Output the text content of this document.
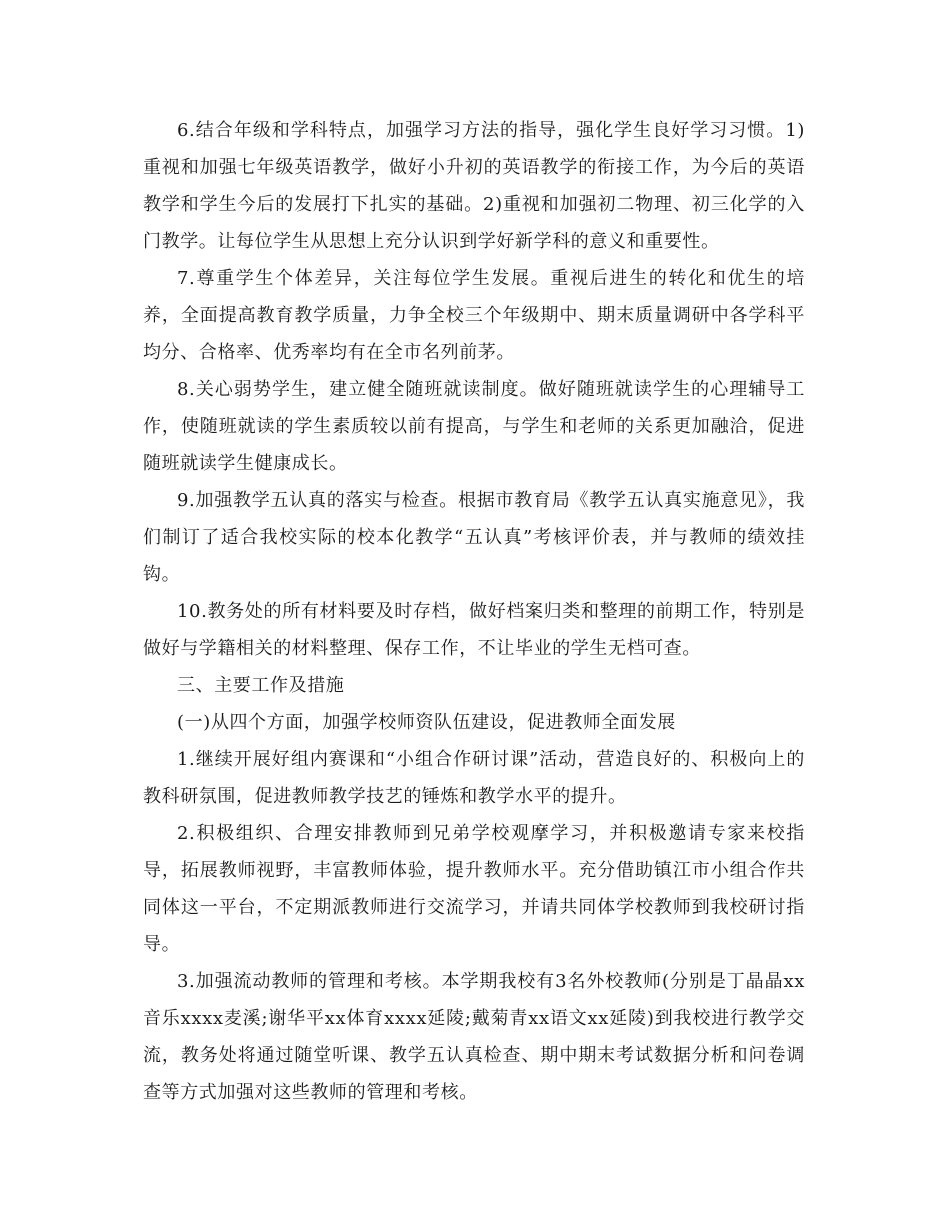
6.结合年级和学科特点，加强学习方法的指导，强化学生良好学习习惯。1)重视和加强七年级英语教学，做好小升初的英语教学的衔接工作，为今后的英语教学和学生今后的发展打下扎实的基础。2)重视和加强初二物理、初三化学的入门教学。让每位学生从思想上充分认识到学好新学科的意义和重要性。

7.尊重学生个体差异，关注每位学生发展。重视后进生的转化和优生的培养，全面提高教育教学质量，力争全校三个年级期中、期末质量调研中各学科平均分、合格率、优秀率均有在全市名列前茅。

8.关心弱势学生，建立健全随班就读制度。做好随班就读学生的心理辅导工作，使随班就读的学生素质较以前有提高，与学生和老师的关系更加融洽，促进随班就读学生健康成长。

9.加强教学五认真的落实与检查。根据市教育局《教学五认真实施意见》，我们制订了适合我校实际的校本化教学“五认真”考核评价表，并与教师的绩效挂钩。

10.教务处的所有材料要及时存档，做好档案归类和整理的前期工作，特别是做好与学籍相关的材料整理、保存工作，不让毕业的学生无档可查。

三、主要工作及措施

(一)从四个方面，加强学校师资队伍建设，促进教师全面发展

1.继续开展好组内赛课和“小组合作研讨课”活动，营造良好的、积极向上的教科研氛围，促进教师教学技艺的锤炼和教学水平的提升。

2.积极组织、合理安排教师到兄弟学校观摩学习，并积极邀请专家来校指导，拓展教师视野，丰富教师体验，提升教师水平。充分借助镇江市小组合作共同体这一平台，不定期派教师进行交流学习，并请共同体学校教师到我校研讨指导。

3.加强流动教师的管理和考核。本学期我校有3名外校教师(分别是丁晶晶xx音乐xxxx麦溪;谢华平xx体育xxxx延陵;戴菊青xx语文xx延陵)到我校进行教学交流，教务处将通过随堂听课、教学五认真检查、期中期末考试数据分析和问卷调查等方式加强对这些教师的管理和考核。
